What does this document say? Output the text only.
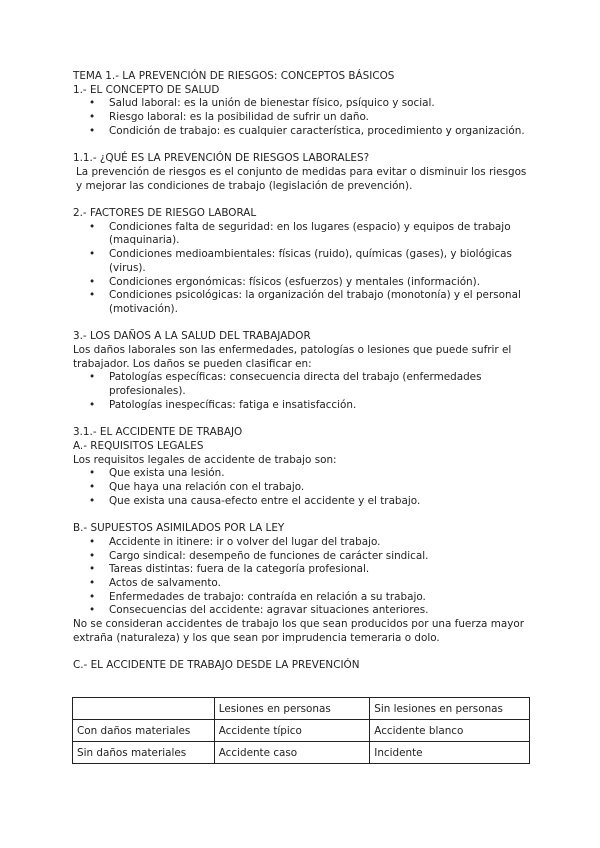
TEMA 1.- LA PREVENCIÓN DE RIESGOS: CONCEPTOS BÁSICOS

1.- EL CONCEPTO DE SALUD

• Salud laboral: es la unión de bienestar físico, psíquico y social.
• Riesgo laboral: es la posibilidad de sufrir un daño.
• Condición de trabajo: es cualquier característica, procedimiento y organización.

1.1.- ¿QUÉ ES LA PREVENCIÓN DE RIESGOS LABORALES?

La prevención de riesgos es el conjunto de medidas para evitar o disminuir los riesgos y mejorar las condiciones de trabajo (legislación de prevención).

2.- FACTORES DE RIESGO LABORAL

• Condiciones falta de seguridad: en los lugares (espacio) y equipos de trabajo (maquinaria).
• Condiciones medioambientales: físicas (ruido), químicas (gases), y biológicas (virus).
• Condiciones ergonómicas: físicos (esfuerzos) y mentales (información).
• Condiciones psicológicas: la organización del trabajo (monotonía) y el personal (motivación).

3.- LOS DAÑOS A LA SALUD DEL TRABAJADOR

Los daños laborales son las enfermedades, patologías o lesiones que puede sufrir el trabajador. Los daños se pueden clasificar en:

• Patologías específicas: consecuencia directa del trabajo (enfermedades profesionales).
• Patologías inespecíficas: fatiga e insatisfacción.

3.1.- EL ACCIDENTE DE TRABAJO

A.- REQUISITOS LEGALES

Los requisitos legales de accidente de trabajo son:

• Que exista una lesión.
• Que haya una relación con el trabajo.
• Que exista una causa-efecto entre el accidente y el trabajo.

B.- SUPUESTOS ASIMILADOS POR LA LEY

• Accidente in itinere: ir o volver del lugar del trabajo.
• Cargo sindical: desempeño de funciones de carácter sindical.
• Tareas distintas: fuera de la categoría profesional.
• Actos de salvamento.
• Enfermedades de trabajo: contraída en relación a su trabajo.
• Consecuencias del accidente: agravar situaciones anteriores.

No se consideran accidentes de trabajo los que sean producidos por una fuerza mayor extraña (naturaleza) y los que sean por imprudencia temeraria o dolo.

C.- EL ACCIDENTE DE TRABAJO DESDE LA PREVENCIÓN

	Lesiones en personas	Sin lesiones en personas
Con daños materiales	Accidente típico	Accidente blanco
Sin daños materiales	Accidente caso	Incidente
